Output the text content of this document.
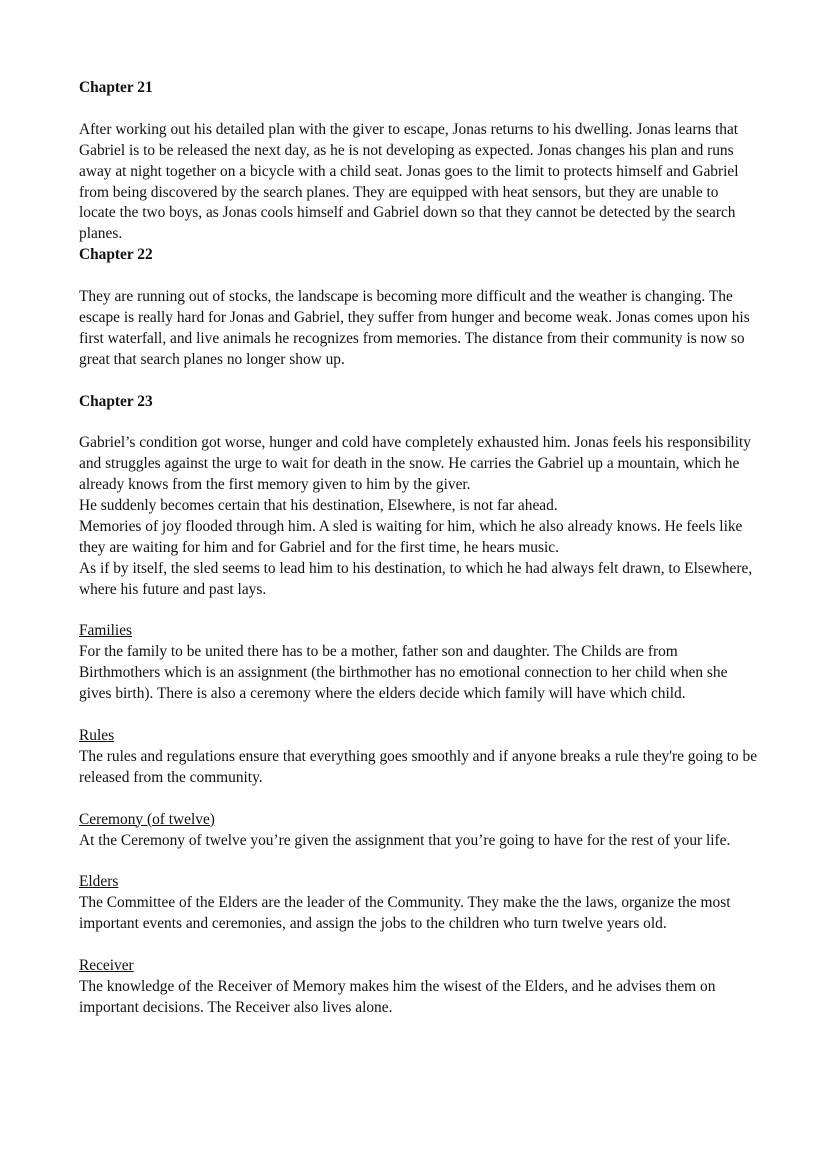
Chapter 21

After working out his detailed plan with the giver to escape, Jonas returns to his dwelling. Jonas learns that Gabriel is to be released the next day, as he is not developing as expected. Jonas changes his plan and runs away at night together on a bicycle with a child seat. Jonas goes to the limit to protects himself and Gabriel from being discovered by the search planes. They are equipped with heat sensors, but they are unable to locate the two boys, as Jonas cools himself and Gabriel down so that they cannot be detected by the search planes.

Chapter 22

They are running out of stocks, the landscape is becoming more difficult and the weather is changing. The escape is really hard for Jonas and Gabriel, they suffer from hunger and become weak. Jonas comes upon his first waterfall, and live animals he recognizes from memories. The distance from their community is now so great that search planes no longer show up.

Chapter 23

Gabriel’s condition got worse, hunger and cold have completely exhausted him. Jonas feels his responsibility and struggles against the urge to wait for death in the snow. He carries the Gabriel up a mountain, which he already knows from the first memory given to him by the giver.

He suddenly becomes certain that his destination, Elsewhere, is not far ahead.

Memories of joy flooded through him. A sled is waiting for him, which he also already knows. He feels like they are waiting for him and for Gabriel and for the first time, he hears music.

As if by itself, the sled seems to lead him to his destination, to which he had always felt drawn, to Elsewhere, where his future and past lays.

Families

For the family to be united there has to be a mother, father son and daughter. The Childs are from Birthmothers which is an assignment (the birthmother has no emotional connection to her child when she gives birth). There is also a ceremony where the elders decide which family will have which child.

Rules

The rules and regulations ensure that everything goes smoothly and if anyone breaks a rule they're going to be released from the community.

Ceremony (of twelve)

At the Ceremony of twelve you’re given the assignment that you’re going to have for the rest of your life.

Elders

The Committee of the Elders are the leader of the Community. They make the the laws, organize the most important events and ceremonies, and assign the jobs to the children who turn twelve years old.

Receiver

The knowledge of the Receiver of Memory makes him the wisest of the Elders, and he advises them on important decisions. The Receiver also lives alone.
